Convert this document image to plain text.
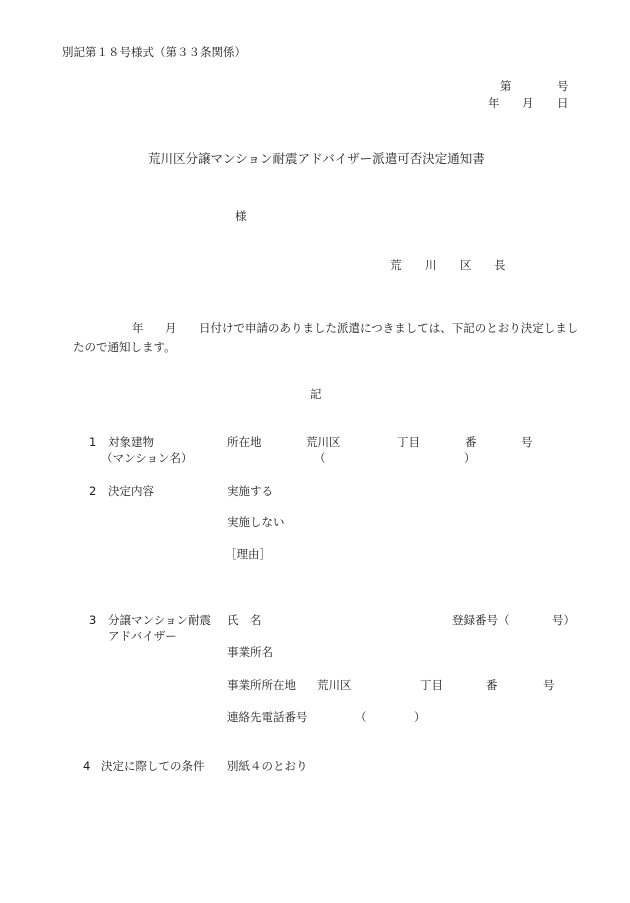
別記第１８号様式（第３３条関係）
第	号
年 月 日
荒川区分譲マンション耐震アドバイザー派遣可否決定通知書
様
荒 川 区 長
年 月 日付けで申請のありました派遣につきましては、下記のとおり決定しまし
たので通知します。
記
1 対象建物
（マンション名）
所在地	荒川区	丁目	番	号
（	）
2 決定内容	実施する
実施しない
［理由］
3 分譲マンション耐震
アドバイザー
氏　名	登録番号（	号）
事業所名
事業所所在地 荒川区	丁目	番	号
連絡先電話番号	（	）
4 決定に際しての条件 別紙４のとおり
